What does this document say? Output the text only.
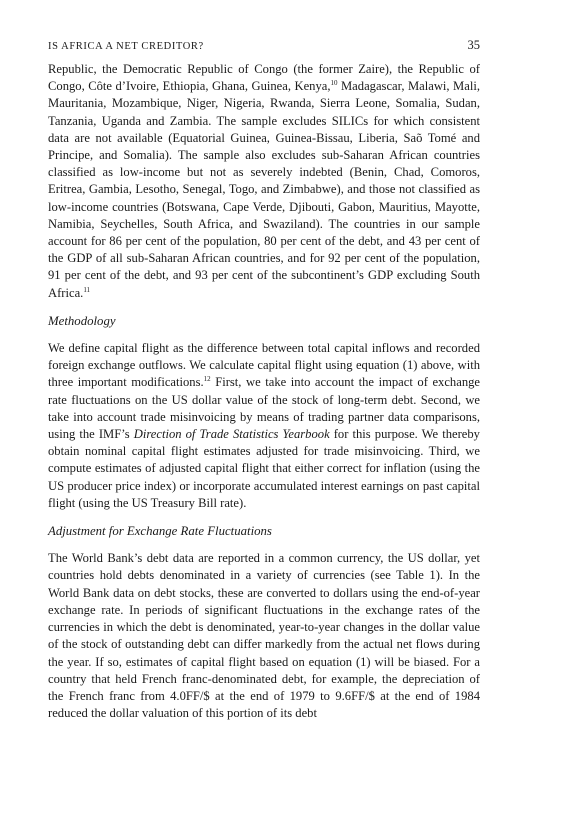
IS AFRICA A NET CREDITOR?	35

Republic, the Democratic Republic of Congo (the former Zaire), the Republic of Congo, Côte d’Ivoire, Ethiopia, Ghana, Guinea, Kenya,$^{10}$ Madagascar, Malawi, Mali, Mauritania, Mozambique, Niger, Nigeria, Rwanda, Sierra Leone, Somalia, Sudan, Tanzania, Uganda and Zambia. The sample excludes SILICs for which consistent data are not available (Equatorial Guinea, Guinea-Bissau, Liberia, Saõ Tomé and Principe, and Somalia). The sample also excludes sub-Saharan African countries classified as low-income but not as severely indebted (Benin, Chad, Comoros, Eritrea, Gambia, Lesotho, Senegal, Togo, and Zimbabwe), and those not classified as low-income countries (Botswana, Cape Verde, Djibouti, Gabon, Mauritius, Mayotte, Namibia, Seychelles, South Africa, and Swaziland). The countries in our sample account for 86 per cent of the population, 80 per cent of the debt, and 43 per cent of the GDP of all sub-Saharan African countries, and for 92 per cent of the population, 91 per cent of the debt, and 93 per cent of the subcontinent’s GDP excluding South Africa.$^{11}$

Methodology

We define capital flight as the difference between total capital inflows and recorded foreign exchange outflows. We calculate capital flight using equation (1) above, with three important modifications.$^{12}$ First, we take into account the impact of exchange rate fluctuations on the US dollar value of the stock of long-term debt. Second, we take into account trade misinvoicing by means of trading partner data comparisons, using the IMF’s Direction of Trade Statistics Yearbook for this purpose. We thereby obtain nominal capital flight estimates adjusted for trade misinvoicing. Third, we compute estimates of adjusted capital flight that either correct for inflation (using the US producer price index) or incorporate accumulated interest earnings on past capital flight (using the US Treasury Bill rate).

Adjustment for Exchange Rate Fluctuations

The World Bank’s debt data are reported in a common currency, the US dollar, yet countries hold debts denominated in a variety of currencies (see Table 1). In the World Bank data on debt stocks, these are converted to dollars using the end-of-year exchange rate. In periods of significant fluctuations in the exchange rates of the currencies in which the debt is denominated, year-to-year changes in the dollar value of the stock of outstanding debt can differ markedly from the actual net flows during the year. If so, estimates of capital flight based on equation (1) will be biased. For a country that held French franc-denominated debt, for example, the depreciation of the French franc from 4.0FF/$ at the end of 1979 to 9.6FF/$ at the end of 1984 reduced the dollar valuation of this portion of its debt
